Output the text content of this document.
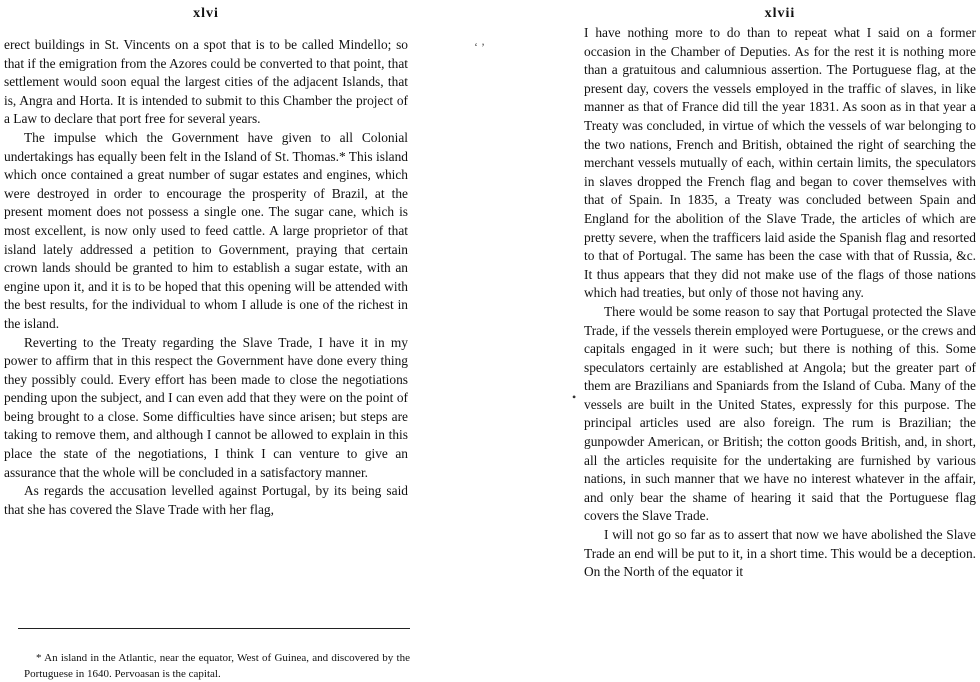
xlvi

erect buildings in St. Vincents on a spot that is to be called Mindello; so that if the emigration from the Azores could be converted to that point, that settlement would soon equal the largest cities of the adjacent Islands, that is, Angra and Horta. It is intended to submit to this Chamber the project of a Law to declare that port free for several years.

The impulse which the Government have given to all Colonial undertakings has equally been felt in the Island of St. Thomas.* This island which once contained a great number of sugar estates and engines, which were destroyed in order to encourage the prosperity of Brazil, at the present moment does not possess a single one. The sugar cane, which is most excellent, is now only used to feed cattle. A large proprietor of that island lately addressed a petition to Government, praying that certain crown lands should be granted to him to establish a sugar estate, with an engine upon it, and it is to be hoped that this opening will be attended with the best results, for the individual to whom I allude is one of the richest in the island.

Reverting to the Treaty regarding the Slave Trade, I have it in my power to affirm that in this respect the Government have done every thing they possibly could. Every effort has been made to close the negotiations pending upon the subject, and I can even add that they were on the point of being brought to a close. Some difficulties have since arisen; but steps are taking to remove them, and although I cannot be allowed to explain in this place the state of the negotiations, I think I can venture to give an assurance that the whole will be concluded in a satisfactory manner.

As regards the accusation levelled against Portugal, by its being said that she has covered the Slave Trade with her flag,

* An island in the Atlantic, near the equator, West of Guinea, and discovered by the Portuguese in 1640. Pervoasan is the capital.
‘ ’
•
xlvii

I have nothing more to do than to repeat what I said on a former occasion in the Chamber of Deputies. As for the rest it is nothing more than a gratuitous and calumnious assertion. The Portuguese flag, at the present day, covers the vessels employed in the traffic of slaves, in like manner as that of France did till the year 1831. As soon as in that year a Treaty was concluded, in virtue of which the vessels of war belonging to the two nations, French and British, obtained the right of searching the merchant vessels mutually of each, within certain limits, the speculators in slaves dropped the French flag and began to cover themselves with that of Spain. In 1835, a Treaty was concluded between Spain and England for the abolition of the Slave Trade, the articles of which are pretty severe, when the trafficers laid aside the Spanish flag and resorted to that of Portugal. The same has been the case with that of Russia, &c. It thus appears that they did not make use of the flags of those nations which had treaties, but only of those not having any.

There would be some reason to say that Portugal protected the Slave Trade, if the vessels therein employed were Portuguese, or the crews and capitals engaged in it were such; but there is nothing of this. Some speculators certainly are established at Angola; but the greater part of them are Brazilians and Spaniards from the Island of Cuba. Many of the vessels are built in the United States, expressly for this purpose. The principal articles used are also foreign. The rum is Brazilian; the gunpowder American, or British; the cotton goods British, and, in short, all the articles requisite for the undertaking are furnished by various nations, in such manner that we have no interest whatever in the affair, and only bear the shame of hearing it said that the Portuguese flag covers the Slave Trade.

I will not go so far as to assert that now we have abolished the Slave Trade an end will be put to it, in a short time. This would be a deception. On the North of the equator it
